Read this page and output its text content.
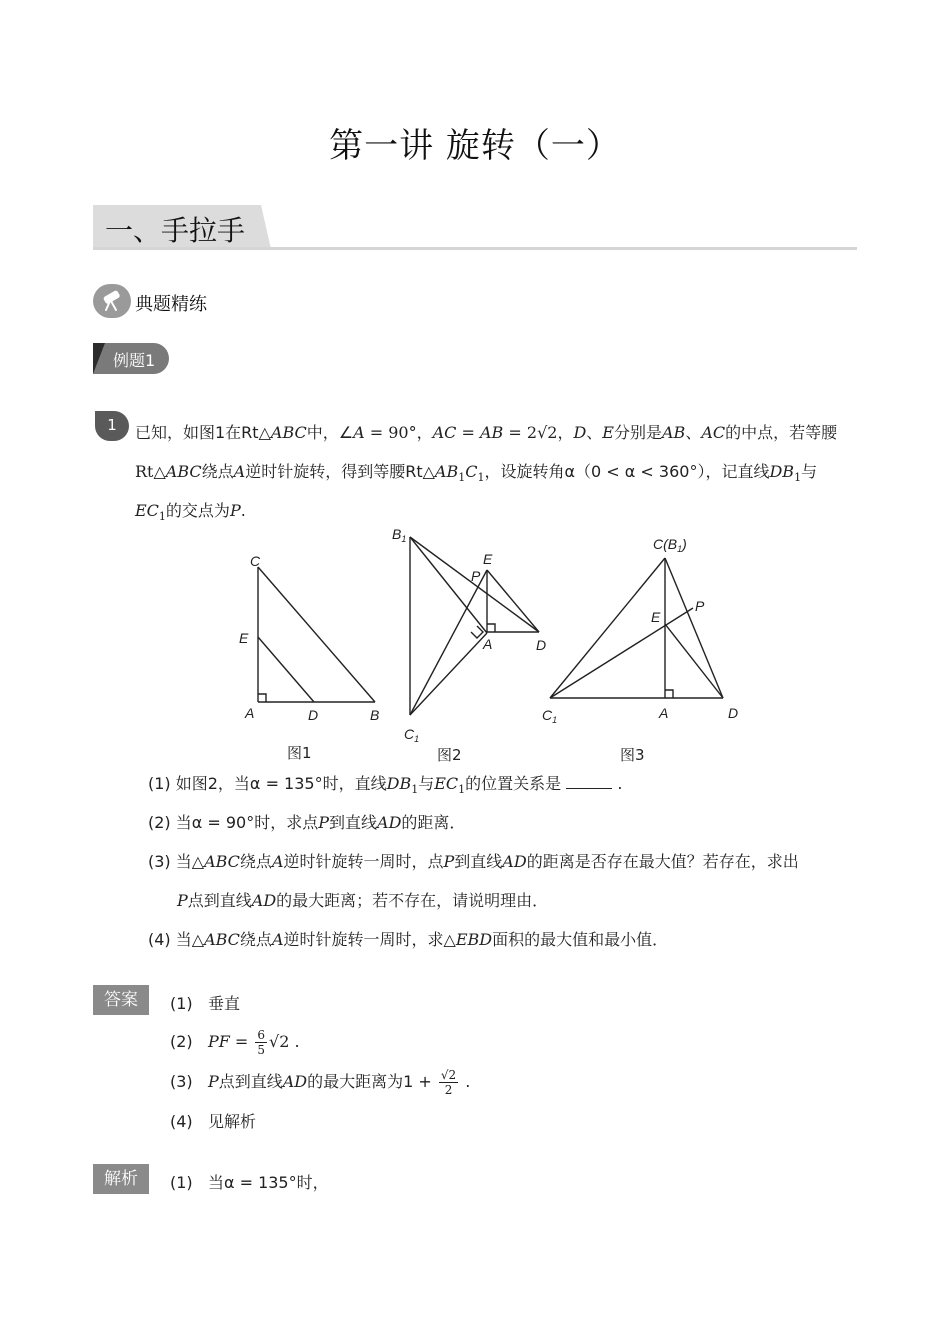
第一讲 旋转（一）
一、手拉手
典题精练
例题1
1	已知，如图1在Rt△ABC中，∠A = 90°，AC = AB = 2√2，D、E分别是AB、AC的中点，若等腰
Rt△ABC绕点A逆时针旋转，得到等腰$Rt\triangle AB_1C_1$，设旋转角α（0 < α < 360°），记直线$DB_1$与
$EC_1$的交点为P.
C
E
A	D	B
$B_1$
E
P
A	D
$C_1$
$C(B_1)$
E
P
$C_1$	A	D
图1	图2	图3
(1) 如图2，当α = 135°时，直线$DB_1$与$EC_1$的位置关系是	.
(2) 当α = 90°时，求点P到直线AD的距离．
(3) 当△ABC绕点A逆时针旋转一周时，点P到直线AD的距离是否存在最大值？若存在，求出
P点到直线AD的最大距离；若不存在，请说明理由．
(4) 当△ABC绕点A逆时针旋转一周时，求△EBD面积的最大值和最小值．
答案	(1) 垂直
(2) PF = $\frac{6}{5} √2$ .
(3) P点到直线AD的最大距离为$1 + \frac{√2}{2}$ .
(4) 见解析
解析	(1) 当α = 135°时，
